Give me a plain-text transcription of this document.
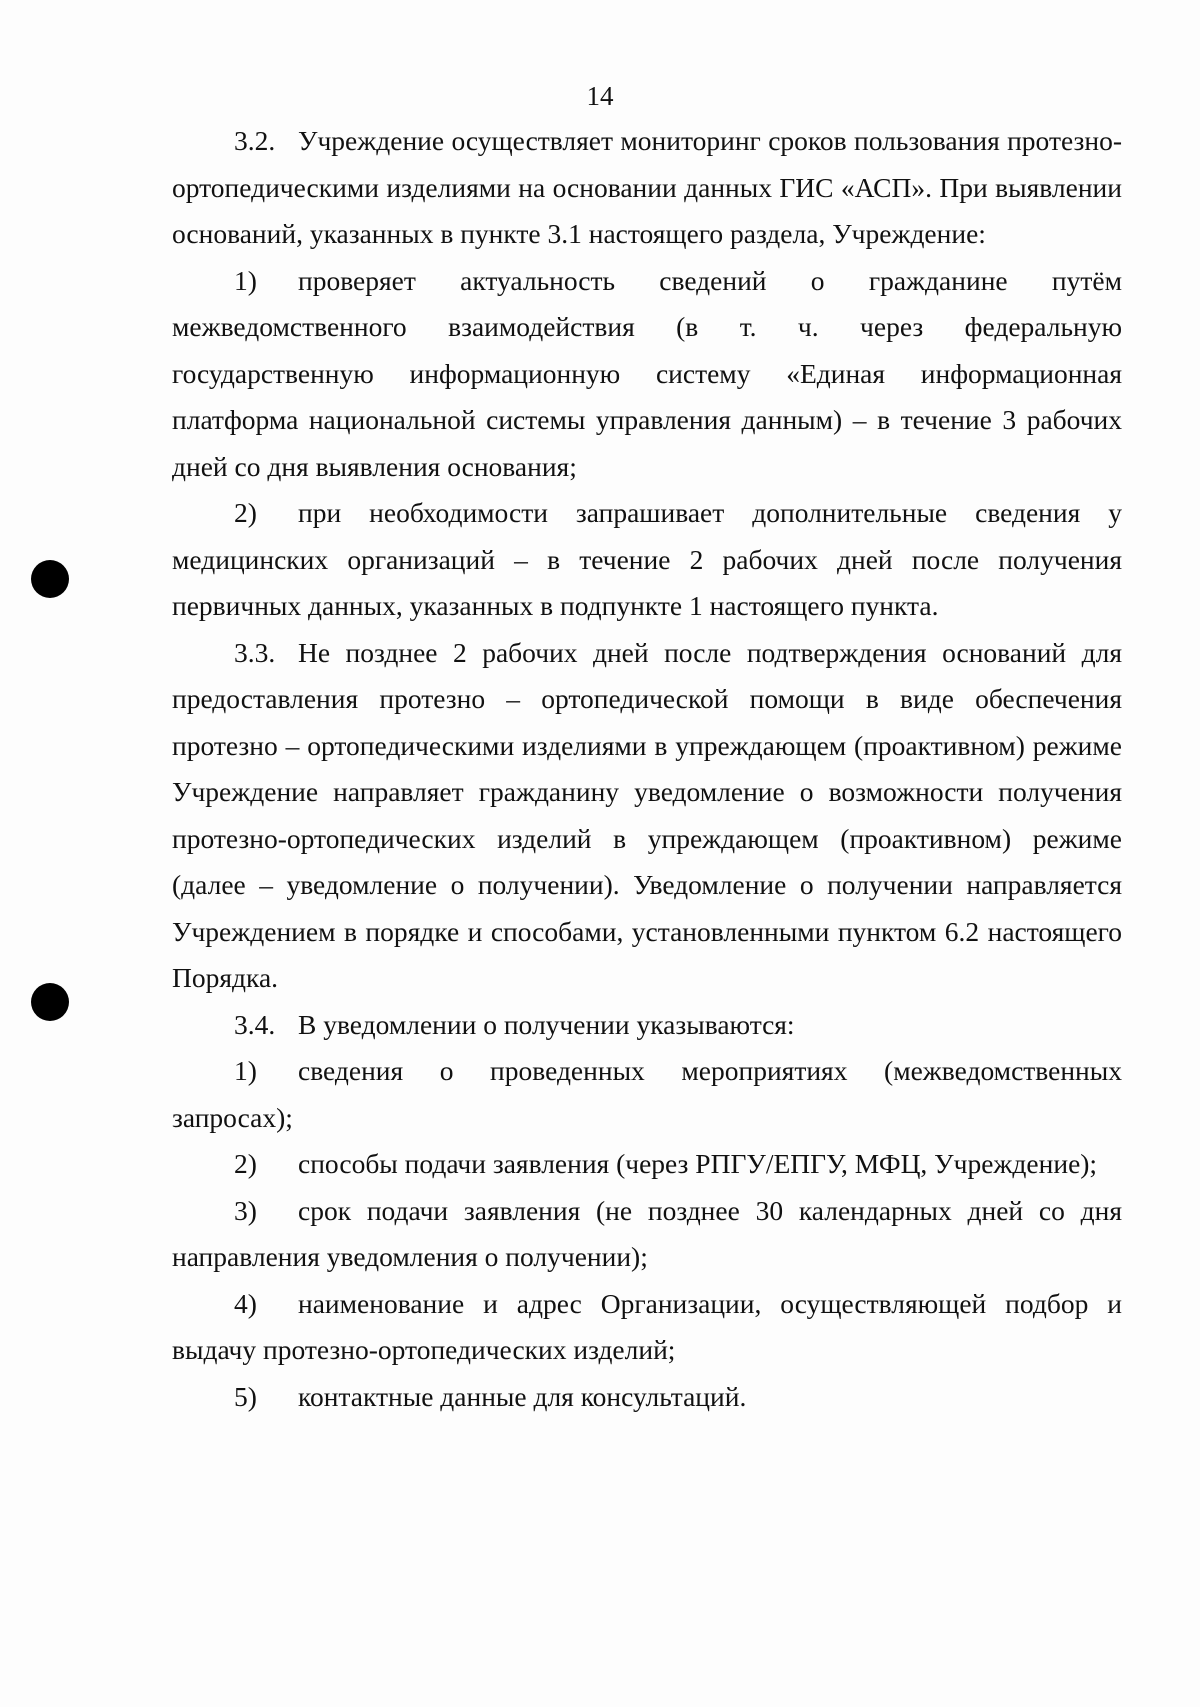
14

3.2. Учреждение осуществляет мониторинг сроков пользования протезно-ортопедическими изделиями на основании данных ГИС «АСП». При выявлении оснований, указанных в пункте 3.1 настоящего раздела, Учреждение:

1) проверяет актуальность сведений о гражданине путём межведомственного взаимодействия (в т. ч. через федеральную государственную информационную систему «Единая информационная платформа национальной системы управления данным) – в течение 3 рабочих дней со дня выявления основания;

2) при необходимости запрашивает дополнительные сведения у медицинских организаций – в течение 2 рабочих дней после получения первичных данных, указанных в подпункте 1 настоящего пункта.

3.3. Не позднее 2 рабочих дней после подтверждения оснований для предоставления протезно – ортопедической помощи в виде обеспечения протезно – ортопедическими изделиями в упреждающем (проактивном) режиме Учреждение направляет гражданину уведомление о возможности получения протезно-ортопедических изделий в упреждающем (проактивном) режиме (далее – уведомление о получении). Уведомление о получении направляется Учреждением в порядке и способами, установленными пунктом 6.2 настоящего Порядка.

3.4. В уведомлении о получении указываются:

1) сведения о проведенных мероприятиях (межведомственных запросах);

2) способы подачи заявления (через РПГУ/ЕПГУ, МФЦ, Учреждение);

3) срок подачи заявления (не позднее 30 календарных дней со дня направления уведомления о получении);

4) наименование и адрес Организации, осуществляющей подбор и выдачу протезно-ортопедических изделий;

5) контактные данные для консультаций.
